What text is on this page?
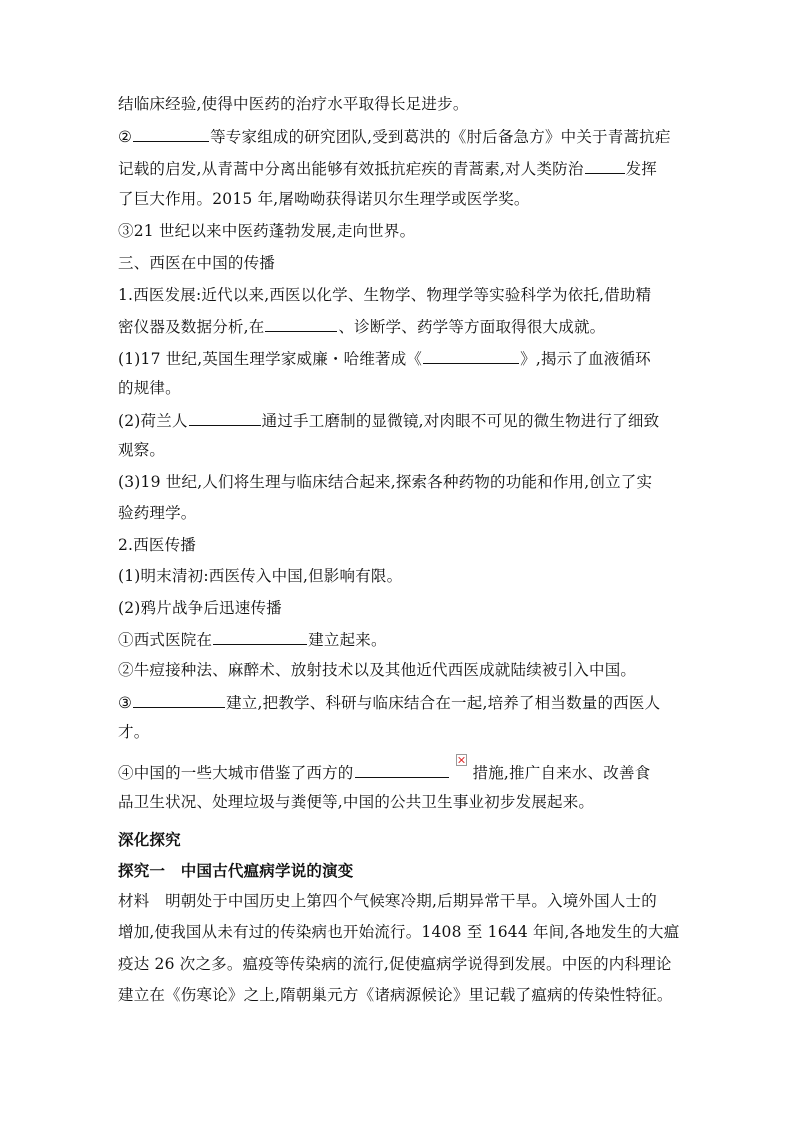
结临床经验,使得中医药的治疗水平取得长足进步。
②	等专家组成的研究团队,受到葛洪的《肘后备急方》中关于青蒿抗疟
记载的启发,从青蒿中分离出能够有效抵抗疟疾的青蒿素,对人类防治	发挥
了巨大作用。2015 年,屠呦呦获得诺贝尔生理学或医学奖。
③21 世纪以来中医药蓬勃发展,走向世界。
三、西医在中国的传播
1.西医发展:近代以来,西医以化学、生物学、物理学等实验科学为依托,借助精
密仪器及数据分析,在	、诊断学、药学等方面取得很大成就。
(1)17 世纪,英国生理学家威廉・哈维著成《	》,揭示了血液循环
的规律。
(2)荷兰人	通过手工磨制的显微镜,对肉眼不可见的微生物进行了细致
观察。
(3)19 世纪,人们将生理与临床结合起来,探索各种药物的功能和作用,创立了实
验药理学。
2.西医传播
(1)明末清初:西医传入中国,但影响有限。
(2)鸦片战争后迅速传播
①西式医院在	建立起来。
②牛痘接种法、麻醉术、放射技术以及其他近代西医成就陆续被引入中国。
③	建立,把教学、科研与临床结合在一起,培养了相当数量的西医人
才。
④中国的一些大城市借鉴了西方的	措施,推广自来水、改善食
品卫生状况、处理垃圾与粪便等,中国的公共卫生事业初步发展起来。
深化探究
探究一　中国古代瘟病学说的演变
材料　明朝处于中国历史上第四个气候寒冷期,后期异常干旱。入境外国人士的
增加,使我国从未有过的传染病也开始流行。1408 至 1644 年间,各地发生的大瘟
疫达 26 次之多。瘟疫等传染病的流行,促使瘟病学说得到发展。中医的内科理论
建立在《伤寒论》之上,隋朝巢元方《诸病源候论》里记载了瘟病的传染性特征。
